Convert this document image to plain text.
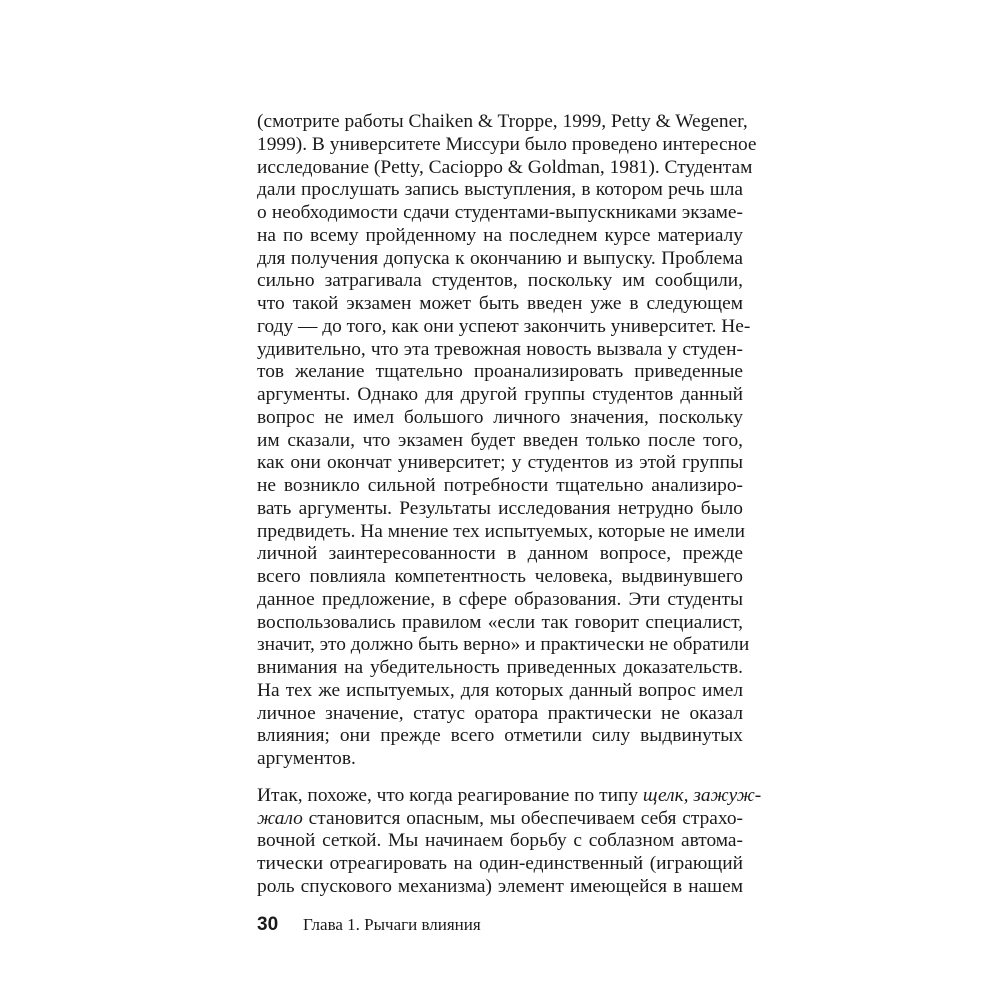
(смотрите работы Chaiken & Troppe, 1999, Petty & Wegener,
1999). В университете Миссури было проведено интересное
исследование (Petty, Cacioppo & Goldman, 1981). Студентам
дали прослушать запись выступления, в котором речь шла
о необходимости сдачи студентами-выпускниками экзаме-
на по всему пройденному на последнем курсе материалу
для получения допуска к окончанию и выпуску. Проблема
сильно затрагивала студентов, поскольку им сообщили,
что такой экзамен может быть введен уже в следующем
году — до того, как они успеют закончить университет. Не-
удивительно, что эта тревожная новость вызвала у студен-
тов желание тщательно проанализировать приведенные
аргументы. Однако для другой группы студентов данный
вопрос не имел большого личного значения, поскольку
им сказали, что экзамен будет введен только после того,
как они окончат университет; у студентов из этой группы
не возникло сильной потребности тщательно анализиро-
вать аргументы. Результаты исследования нетрудно было
предвидеть. На мнение тех испытуемых, которые не имели
личной заинтересованности в данном вопросе, прежде
всего повлияла компетентность человека, выдвинувшего
данное предложение, в сфере образования. Эти студенты
воспользовались правилом «если так говорит специалист,
значит, это должно быть верно» и практически не обратили
внимания на убедительность приведенных доказательств.
На тех же испытуемых, для которых данный вопрос имел
личное значение, статус оратора практически не оказал
влияния; они прежде всего отметили силу выдвинутых
аргументов.
Итак, похоже, что когда реагирование по типу щелк, зажуж-
жало становится опасным, мы обеспечиваем себя страхо-
вочной сеткой. Мы начинаем борьбу с соблазном автома-
тически отреагировать на один-единственный (играющий
роль спускового механизма) элемент имеющейся в нашем
30 Глава 1. Рычаги влияния
